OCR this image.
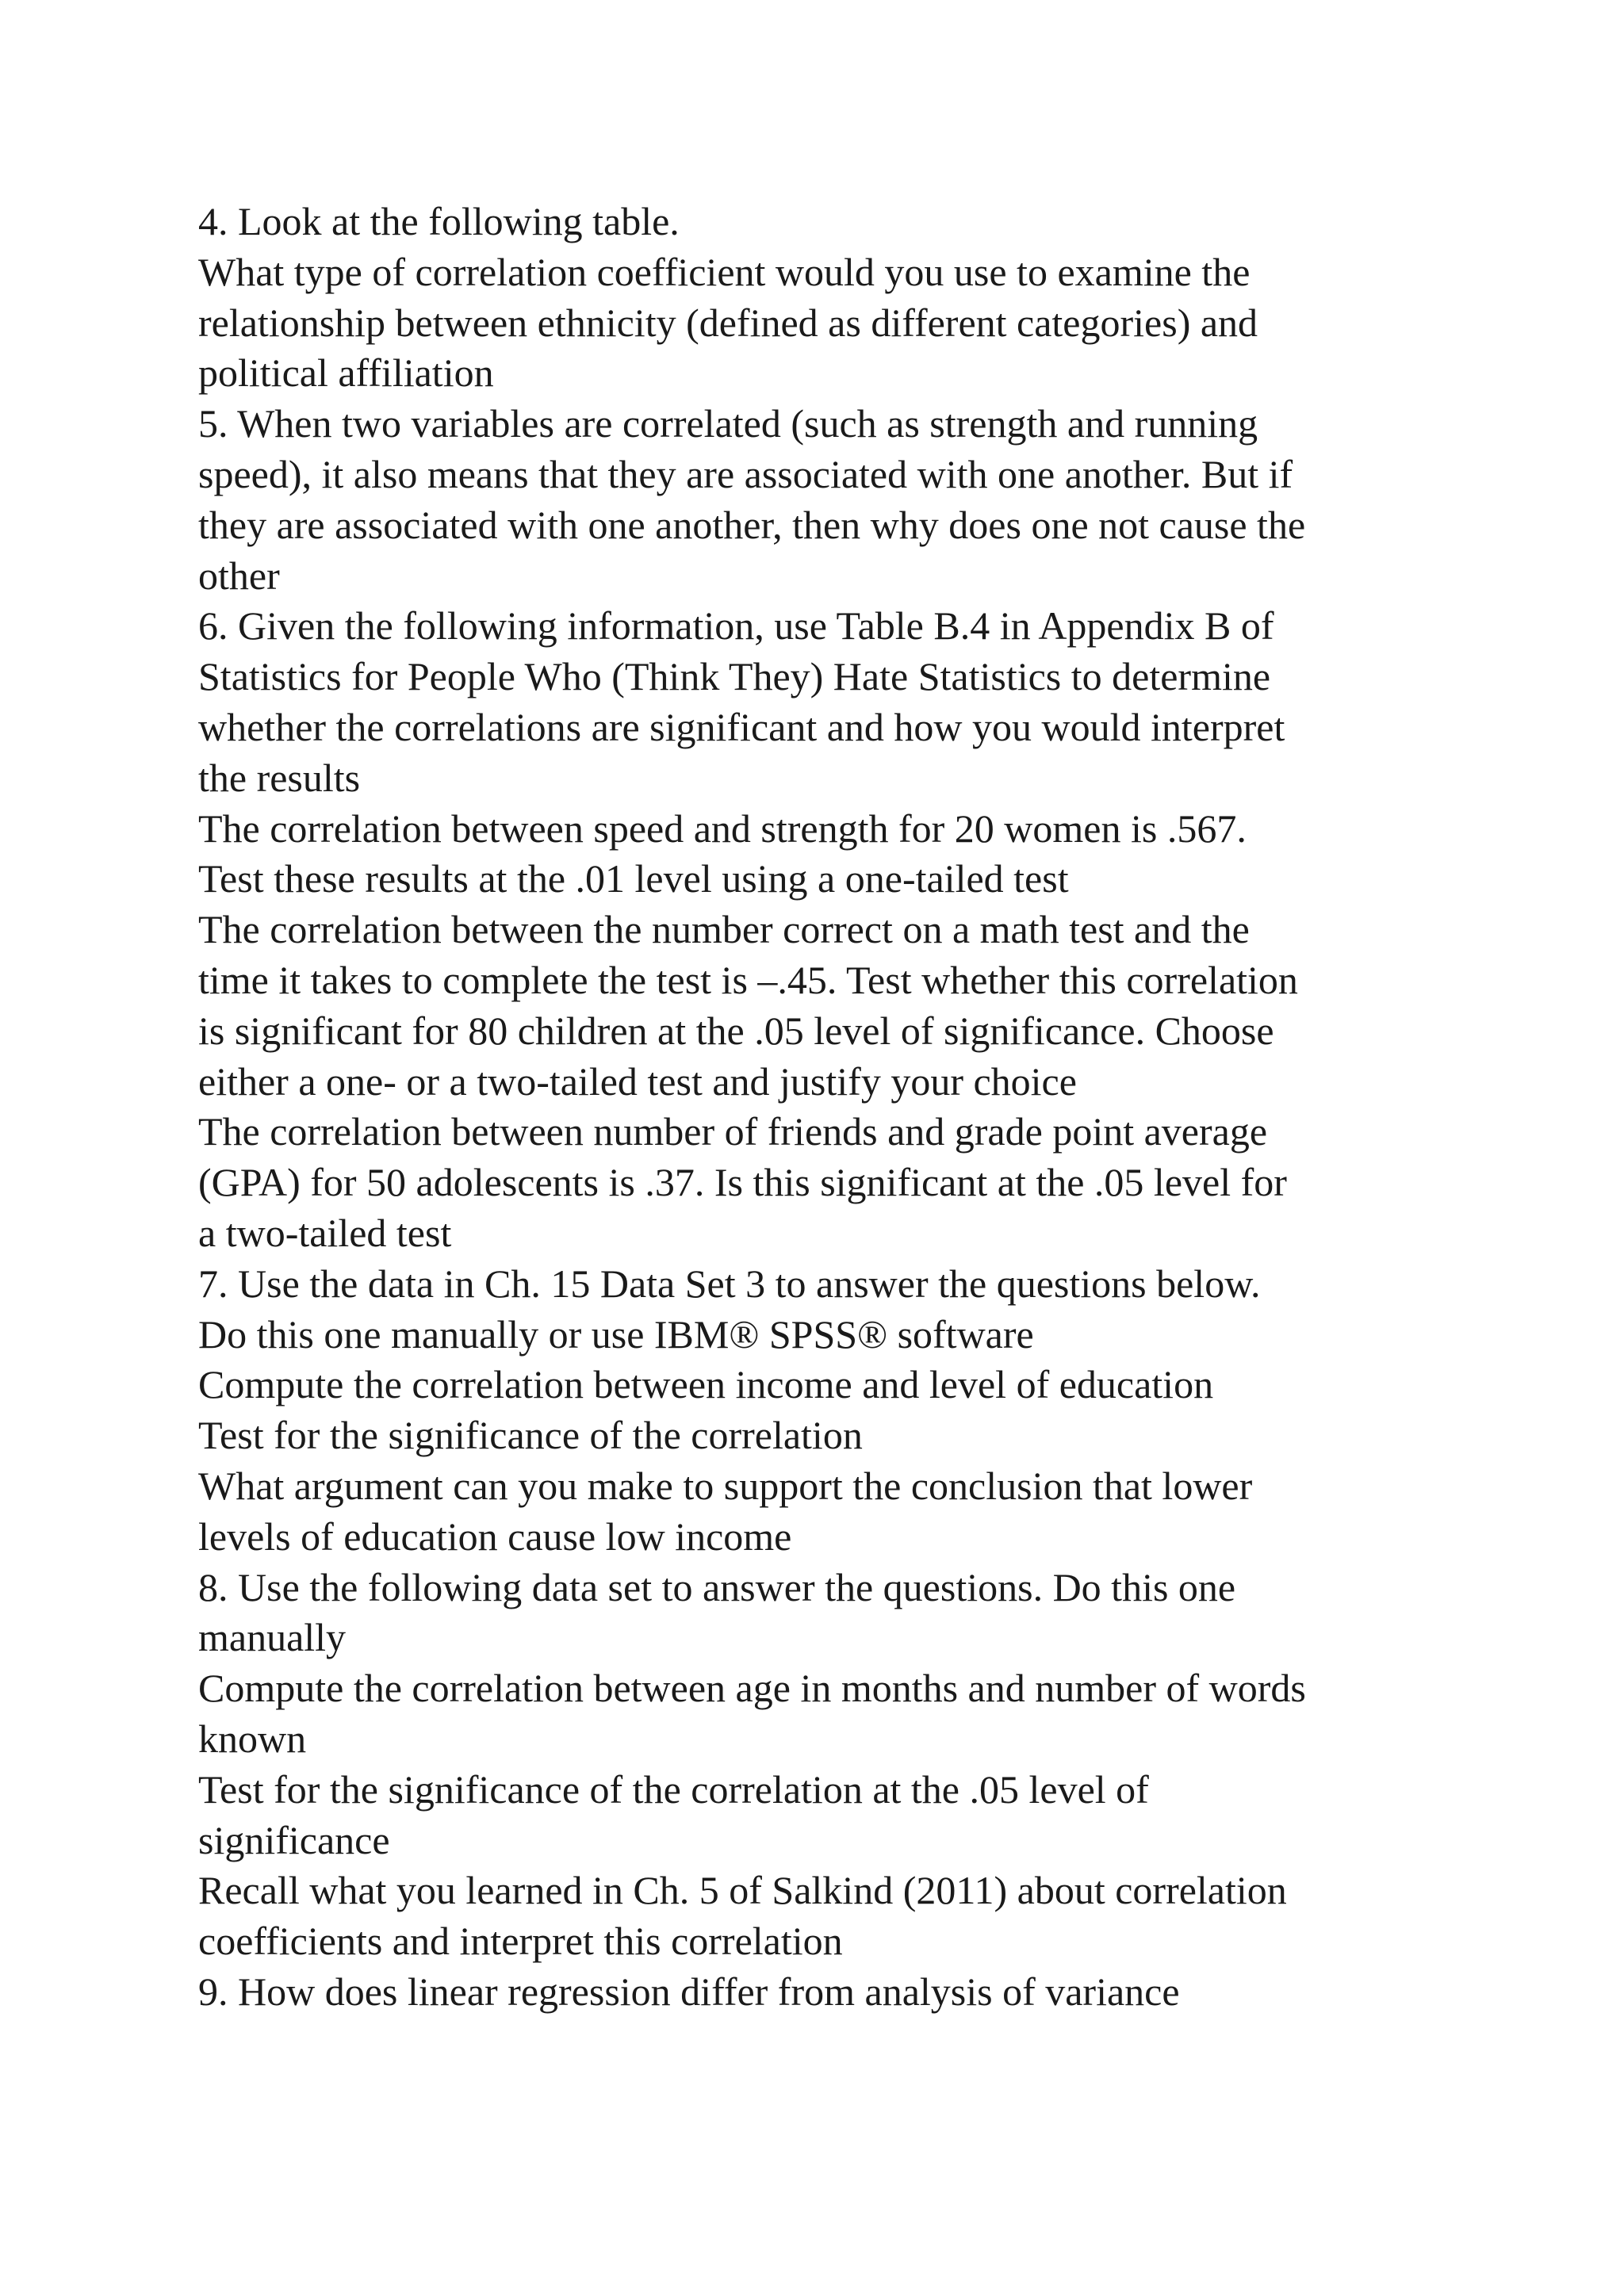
4. Look at the following table.
What type of correlation coefficient would you use to examine the
relationship between ethnicity (defined as different categories) and
political affiliation
5. When two variables are correlated (such as strength and running
speed), it also means that they are associated with one another. But if
they are associated with one another, then why does one not cause the
other
6. Given the following information, use Table B.4 in Appendix B of
Statistics for People Who (Think They) Hate Statistics to determine
whether the correlations are significant and how you would interpret
the results
The correlation between speed and strength for 20 women is .567.
Test these results at the .01 level using a one-tailed test
The correlation between the number correct on a math test and the
time it takes to complete the test is –.45. Test whether this correlation
is significant for 80 children at the .05 level of significance. Choose
either a one- or a two-tailed test and justify your choice
The correlation between number of friends and grade point average
(GPA) for 50 adolescents is .37. Is this significant at the .05 level for
a two-tailed test
7. Use the data in Ch. 15 Data Set 3 to answer the questions below.
Do this one manually or use IBM® SPSS® software
Compute the correlation between income and level of education
Test for the significance of the correlation
What argument can you make to support the conclusion that lower
levels of education cause low income
8. Use the following data set to answer the questions. Do this one
manually
Compute the correlation between age in months and number of words
known
Test for the significance of the correlation at the .05 level of
significance
Recall what you learned in Ch. 5 of Salkind (2011) about correlation
coefficients and interpret this correlation
9. How does linear regression differ from analysis of variance
